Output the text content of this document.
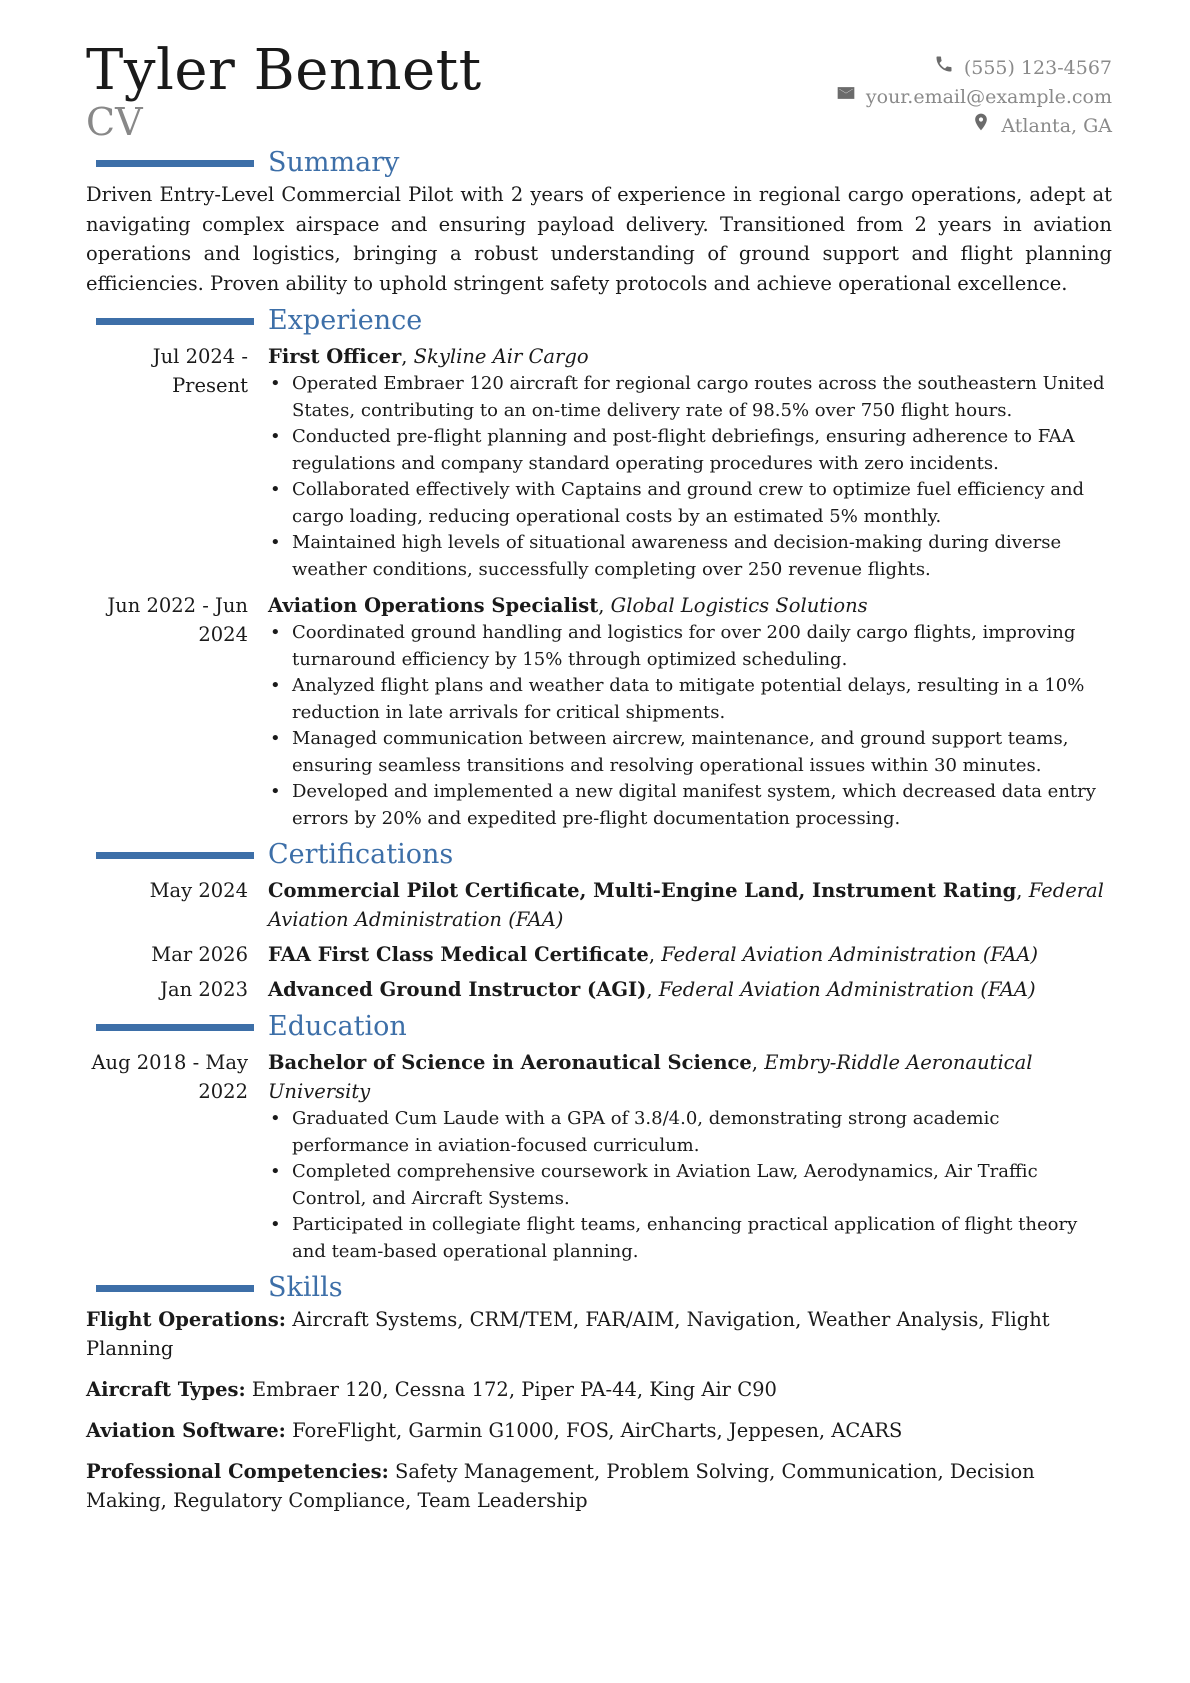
Tyler Bennett

CV

(555) 123-4567
your.email@example.com
Atlanta, GA
Summary

Driven Entry-Level Commercial Pilot with 2 years of experience in regional cargo operations, adept at navigating complex airspace and ensuring payload delivery. Transitioned from 2 years in aviation operations and logistics, bringing a robust understanding of ground support and flight planning efficiencies. Proven ability to uphold stringent safety protocols and achieve operational excellence.

Experience
Jul 2024 - Present
First Officer, Skyline Air Cargo
• Operated Embraer 120 aircraft for regional cargo routes across the southeastern United States, contributing to an on-time delivery rate of 98.5% over 750 flight hours.
• Conducted pre-flight planning and post-flight debriefings, ensuring adherence to FAA regulations and company standard operating procedures with zero incidents.
• Collaborated effectively with Captains and ground crew to optimize fuel efficiency and cargo loading, reducing operational costs by an estimated 5% monthly.
• Maintained high levels of situational awareness and decision-making during diverse weather conditions, successfully completing over 250 revenue flights.
Jun 2022 - Jun 2024
Aviation Operations Specialist, Global Logistics Solutions
• Coordinated ground handling and logistics for over 200 daily cargo flights, improving turnaround efficiency by 15% through optimized scheduling.
• Analyzed flight plans and weather data to mitigate potential delays, resulting in a 10% reduction in late arrivals for critical shipments.
• Managed communication between aircrew, maintenance, and ground support teams, ensuring seamless transitions and resolving operational issues within 30 minutes.
• Developed and implemented a new digital manifest system, which decreased data entry errors by 20% and expedited pre-flight documentation processing.
Certifications
May 2024	Commercial Pilot Certificate, Multi-Engine Land, Instrument Rating, Federal Aviation Administration (FAA)
Mar 2026	FAA First Class Medical Certificate, Federal Aviation Administration (FAA)
Jan 2023	Advanced Ground Instructor (AGI), Federal Aviation Administration (FAA)
Education
Aug 2018 - May 2022
Bachelor of Science in Aeronautical Science, Embry-Riddle Aeronautical University
• Graduated Cum Laude with a GPA of 3.8/4.0, demonstrating strong academic performance in aviation-focused curriculum.
• Completed comprehensive coursework in Aviation Law, Aerodynamics, Air Traffic Control, and Aircraft Systems.
• Participated in collegiate flight teams, enhancing practical application of flight theory and team-based operational planning.
Skills

Flight Operations: Aircraft Systems, CRM/TEM, FAR/AIM, Navigation, Weather Analysis, Flight Planning

Aircraft Types: Embraer 120, Cessna 172, Piper PA-44, King Air C90

Aviation Software: ForeFlight, Garmin G1000, FOS, AirCharts, Jeppesen, ACARS

Professional Competencies: Safety Management, Problem Solving, Communication, Decision Making, Regulatory Compliance, Team Leadership
